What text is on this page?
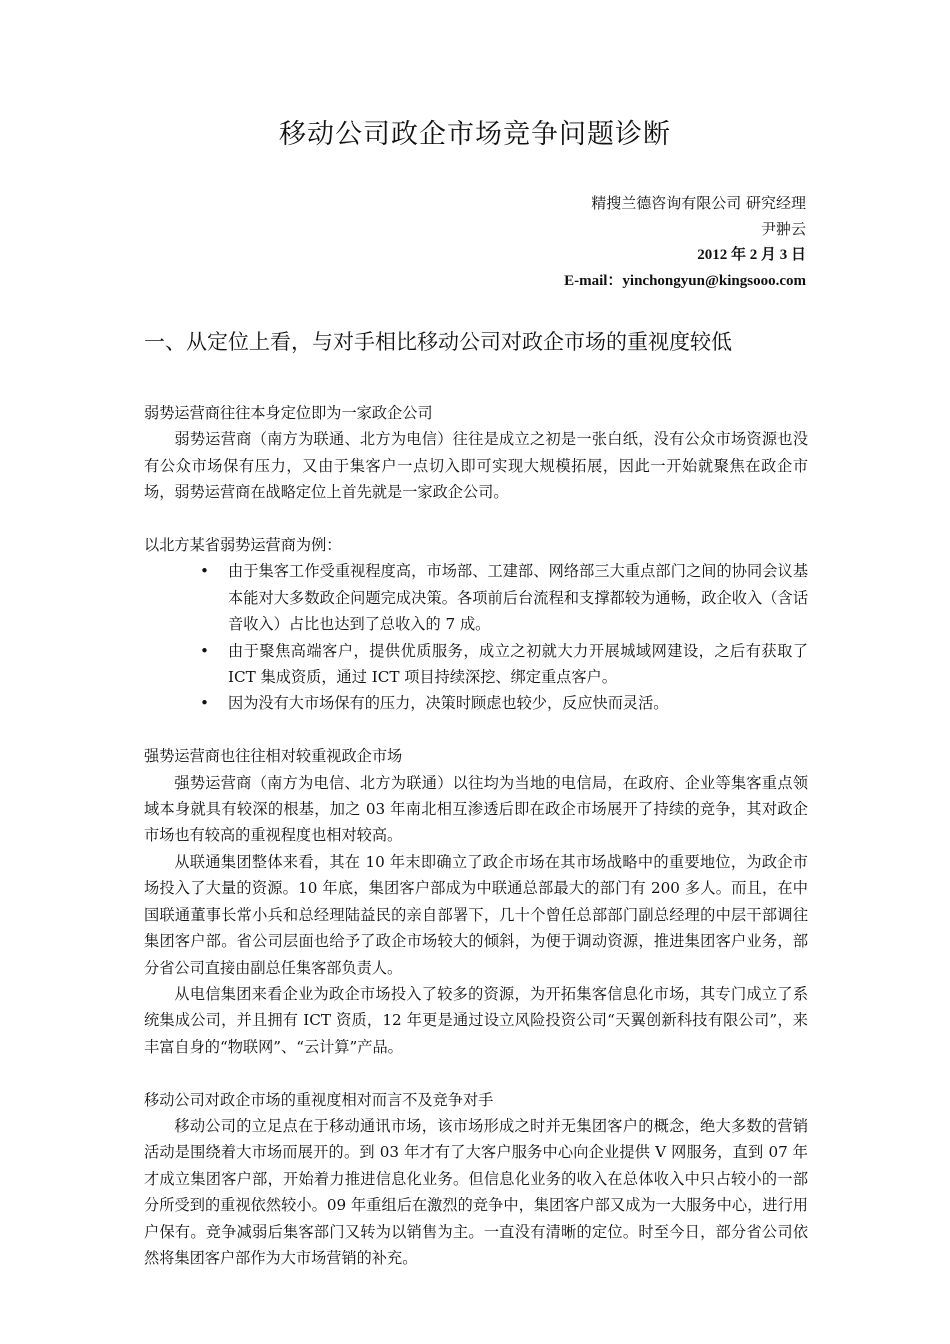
移动公司政企市场竞争问题诊断
精搜兰德咨询有限公司 研究经理
尹翀云
2012 年 2 月 3 日
E-mail：yinchongyun@kingsooo.com
一、从定位上看，与对手相比移动公司对政企市场的重视度较低

弱势运营商往往本身定位即为一家政企公司

弱势运营商（南方为联通、北方为电信）往往是成立之初是一张白纸，没有公众市场资源也没有公众市场保有压力，又由于集客户一点切入即可实现大规模拓展，因此一开始就聚焦在政企市场，弱势运营商在战略定位上首先就是一家政企公司。

以北方某省弱势运营商为例：

• 由于集客工作受重视程度高，市场部、工建部、网络部三大重点部门之间的协同会议基本能对大多数政企问题完成决策。各项前后台流程和支撑都较为通畅，政企收入（含话音收入）占比也达到了总收入的 7 成。
• 由于聚焦高端客户，提供优质服务，成立之初就大力开展城域网建设，之后有获取了 ICT 集成资质，通过 ICT 项目持续深挖、绑定重点客户。
• 因为没有大市场保有的压力，决策时顾虑也较少，反应快而灵活。

强势运营商也往往相对较重视政企市场

强势运营商（南方为电信、北方为联通）以往均为当地的电信局，在政府、企业等集客重点领域本身就具有较深的根基，加之 03 年南北相互渗透后即在政企市场展开了持续的竞争，其对政企市场也有较高的重视程度也相对较高。

从联通集团整体来看，其在 10 年末即确立了政企市场在其市场战略中的重要地位，为政企市场投入了大量的资源。10 年底，集团客户部成为中联通总部最大的部门有 200 多人。而且，在中国联通董事长常小兵和总经理陆益民的亲自部署下，几十个曾任总部部门副总经理的中层干部调往集团客户部。省公司层面也给予了政企市场较大的倾斜，为便于调动资源，推进集团客户业务，部分省公司直接由副总任集客部负责人。

从电信集团来看企业为政企市场投入了较多的资源，为开拓集客信息化市场，其专门成立了系统集成公司，并且拥有 ICT 资质，12 年更是通过设立风险投资公司“天翼创新科技有限公司”，来丰富自身的“物联网”、“云计算”产品。

移动公司对政企市场的重视度相对而言不及竞争对手

移动公司的立足点在于移动通讯市场，该市场形成之时并无集团客户的概念，绝大多数的营销活动是围绕着大市场而展开的。到 03 年才有了大客户服务中心向企业提供 V 网服务，直到 07 年才成立集团客户部，开始着力推进信息化业务。但信息化业务的收入在总体收入中只占较小的一部分所受到的重视依然较小。09 年重组后在激烈的竞争中，集团客户部又成为一大服务中心，进行用户保有。竞争减弱后集客部门又转为以销售为主。一直没有清晰的定位。时至今日，部分省公司依然将集团客户部作为大市场营销的补充。
